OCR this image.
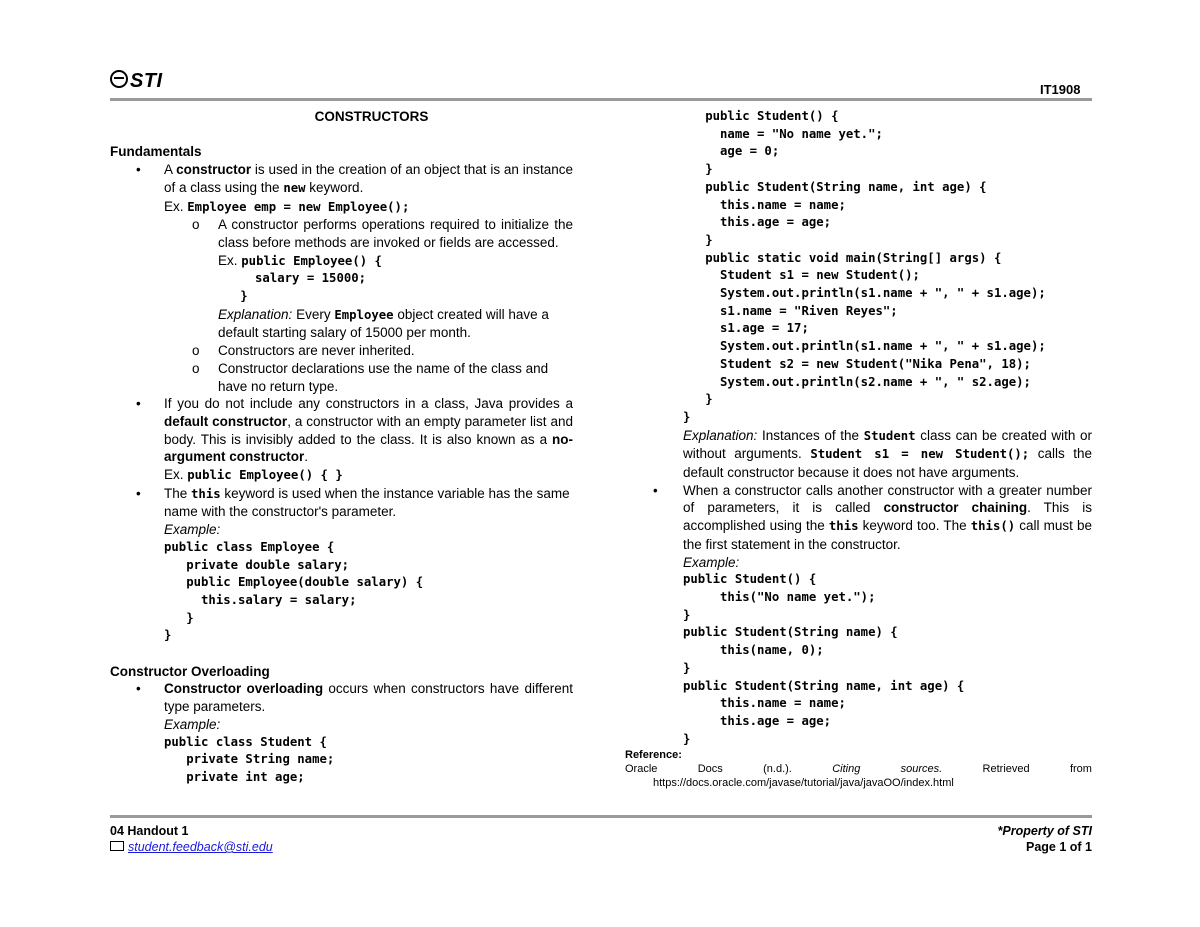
STI	IT1908
CONSTRUCTORS
Fundamentals
• A constructor is used in the creation of an object that is an instance of a class using the new keyword.
Ex. Employee emp = new Employee();
o A constructor performs operations required to initialize the class before methods are invoked or fields are accessed.
Ex. public Employee() {
salary = 15000;
}
Explanation: Every Employee object created will have a default starting salary of 15000 per month.
o Constructors are never inherited.
o Constructor declarations use the name of the class and have no return type.
• If you do not include any constructors in a class, Java provides a default constructor, a constructor with an empty parameter list and body. This is invisibly added to the class. It is also known as a no-argument constructor.
Ex. public Employee() { }
• The this keyword is used when the instance variable has the same name with the constructor's parameter.
Example:
public class Employee {
private double salary;
public Employee(double salary) {
this.salary = salary;
}
}
Constructor Overloading
• Constructor overloading occurs when constructors have different type parameters.
Example:
public class Student {
private String name;
private int age;
public Student() {
name = "No name yet.";
age = 0;
}
public Student(String name, int age) {
this.name = name;
this.age = age;
}
public static void main(String[] args) {
Student s1 = new Student();
System.out.println(s1.name + ", " + s1.age);
s1.name = "Riven Reyes";
s1.age = 17;
System.out.println(s1.name + ", " + s1.age);
Student s2 = new Student("Nika Pena", 18);
System.out.println(s2.name + ", " s2.age);
}
}
Explanation: Instances of the Student class can be created with or without arguments. Student s1 = new Student(); calls the default constructor because it does not have arguments.
• When a constructor calls another constructor with a greater number of parameters, it is called constructor chaining. This is accomplished using the this keyword too. The this() call must be the first statement in the constructor.
Example:
public Student() {
this("No name yet.");
}
public Student(String name) {
this(name, 0);
}
public Student(String name, int age) {
this.name = name;
this.age = age;
}
Reference:
Oracle	Docs	(n.d.).	Citing	sources.	Retrieved	from
https://docs.oracle.com/javase/tutorial/java/javaOO/index.html
04 Handout 1
student.feedback@sti.edu
*Property of STI
Page 1 of 1
